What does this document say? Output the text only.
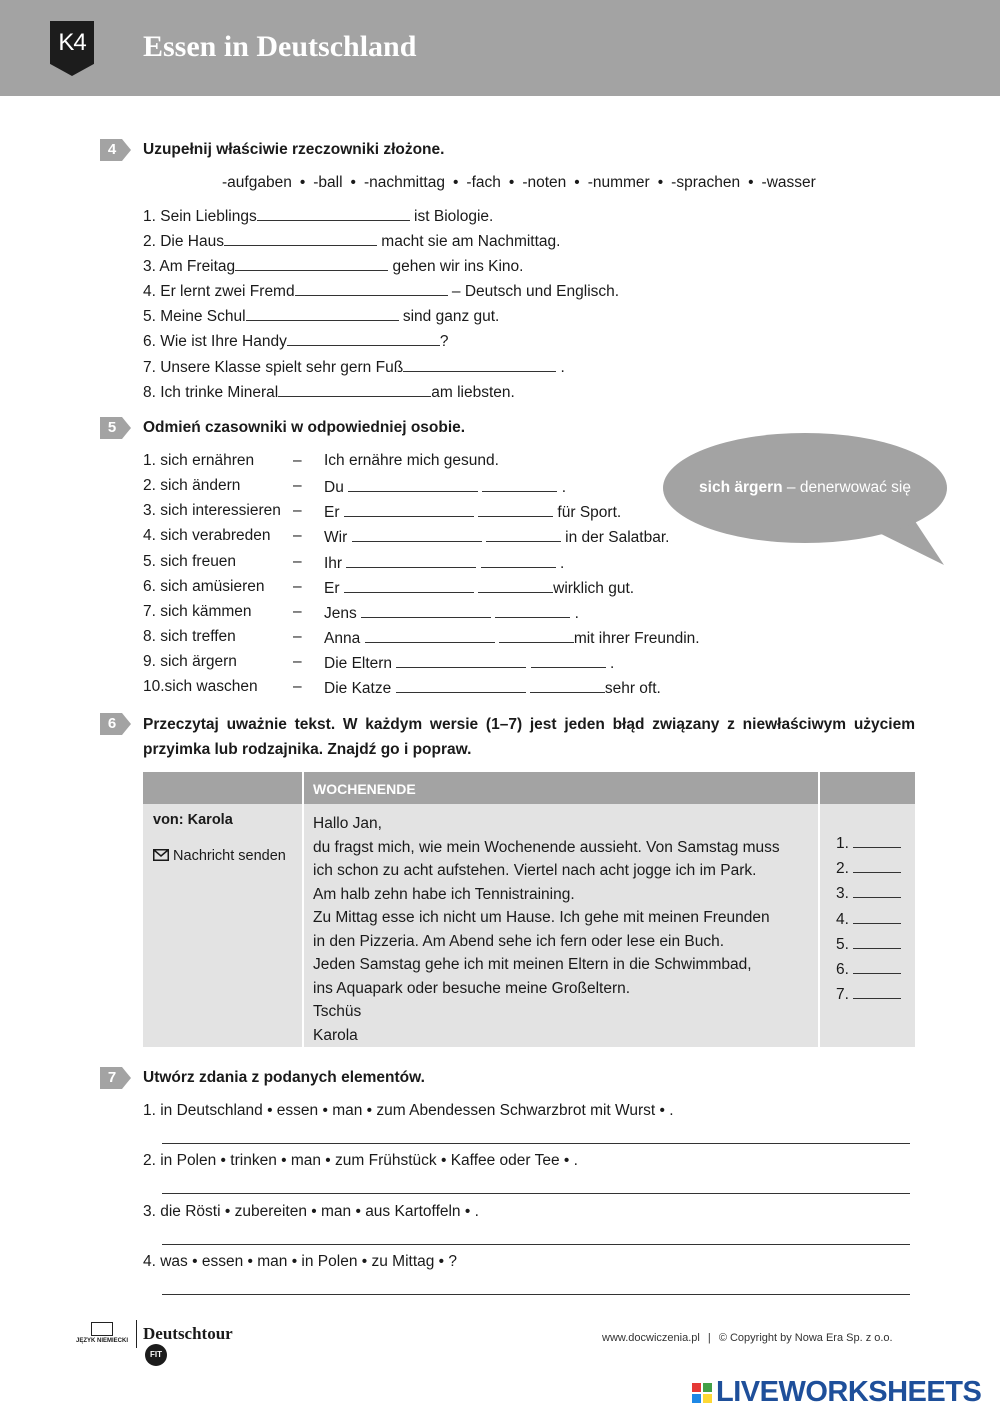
K4 Essen in Deutschland
4	Uzupełnij właściwie rzeczowniki złożone.
-aufgaben • -ball • -nachmittag • -fach • -noten • -nummer • -sprachen • -wasser
1. Sein Lieblings	ist Biologie.
2. Die Haus	macht sie am Nachmittag.
3. Am Freitag	gehen wir ins Kino.
4. Er lernt zwei Fremd	– Deutsch und Englisch.
5. Meine Schul	sind ganz gut.
6. Wie ist Ihre Handy	?
7. Unsere Klasse spielt sehr gern Fuß	.
8. Ich trinke Mineral	am liebsten.
5	Odmień czasowniki w odpowiedniej osobie.
1. sich ernähren	– Ich ernähre mich gesund.
2. sich ändern	– Du	.
3. sich interessieren – Er	für Sport.
4. sich verabreden – Wir	in der Salatbar.
5. sich freuen	– Ihr	.
6. sich amüsieren – Er	wirklich gut.
7. sich kämmen	– Jens	.
8. sich treffen	– Anna	mit ihrer Freundin.
9. sich ärgern	– Die Eltern	.
10.sich waschen – Die Katze	sehr oft.
sich ärgern – denerwować się
6	Przeczytaj uważnie tekst. W każdym wersie (1–7) jest jeden błąd związany z niewłaściwym użyciem przyimka lub rodzajnika. Znajdź go i popraw.
WOCHENENDE
von: Karola
Nachricht senden
Hallo Jan,
du fragst mich, wie mein Wochenende aussieht. Von Samstag muss
ich schon zu acht aufstehen. Viertel nach acht jogge ich im Park.
Am halb zehn habe ich Tennistraining.
Zu Mittag esse ich nicht um Hause. Ich gehe mit meinen Freunden
in den Pizzeria. Am Abend sehe ich fern oder lese ein Buch.
Jeden Samstag gehe ich mit meinen Eltern in die Schwimmbad,
ins Aquapark oder besuche meine Großeltern.
Tschüs
Karola
1.
2.
3.
4.
5.
6.
7.
7	Utwórz zdania z podanych elementów.
1. in Deutschland • essen • man • zum Abendessen Schwarzbrot mit Wurst • .
2. in Polen • trinken • man • zum Frühstück • Kaffee oder Tee • .
3. die Rösti • zubereiten • man • aus Kartoffeln • .
4. was • essen • man • in Polen • zu Mittag • ?
JĘZYK NIEMIECKI DeutschtourFIT
www.docwiczenia.pl | © Copyright by Nowa Era Sp. z o.o.
LIVEWORKSHEETS
